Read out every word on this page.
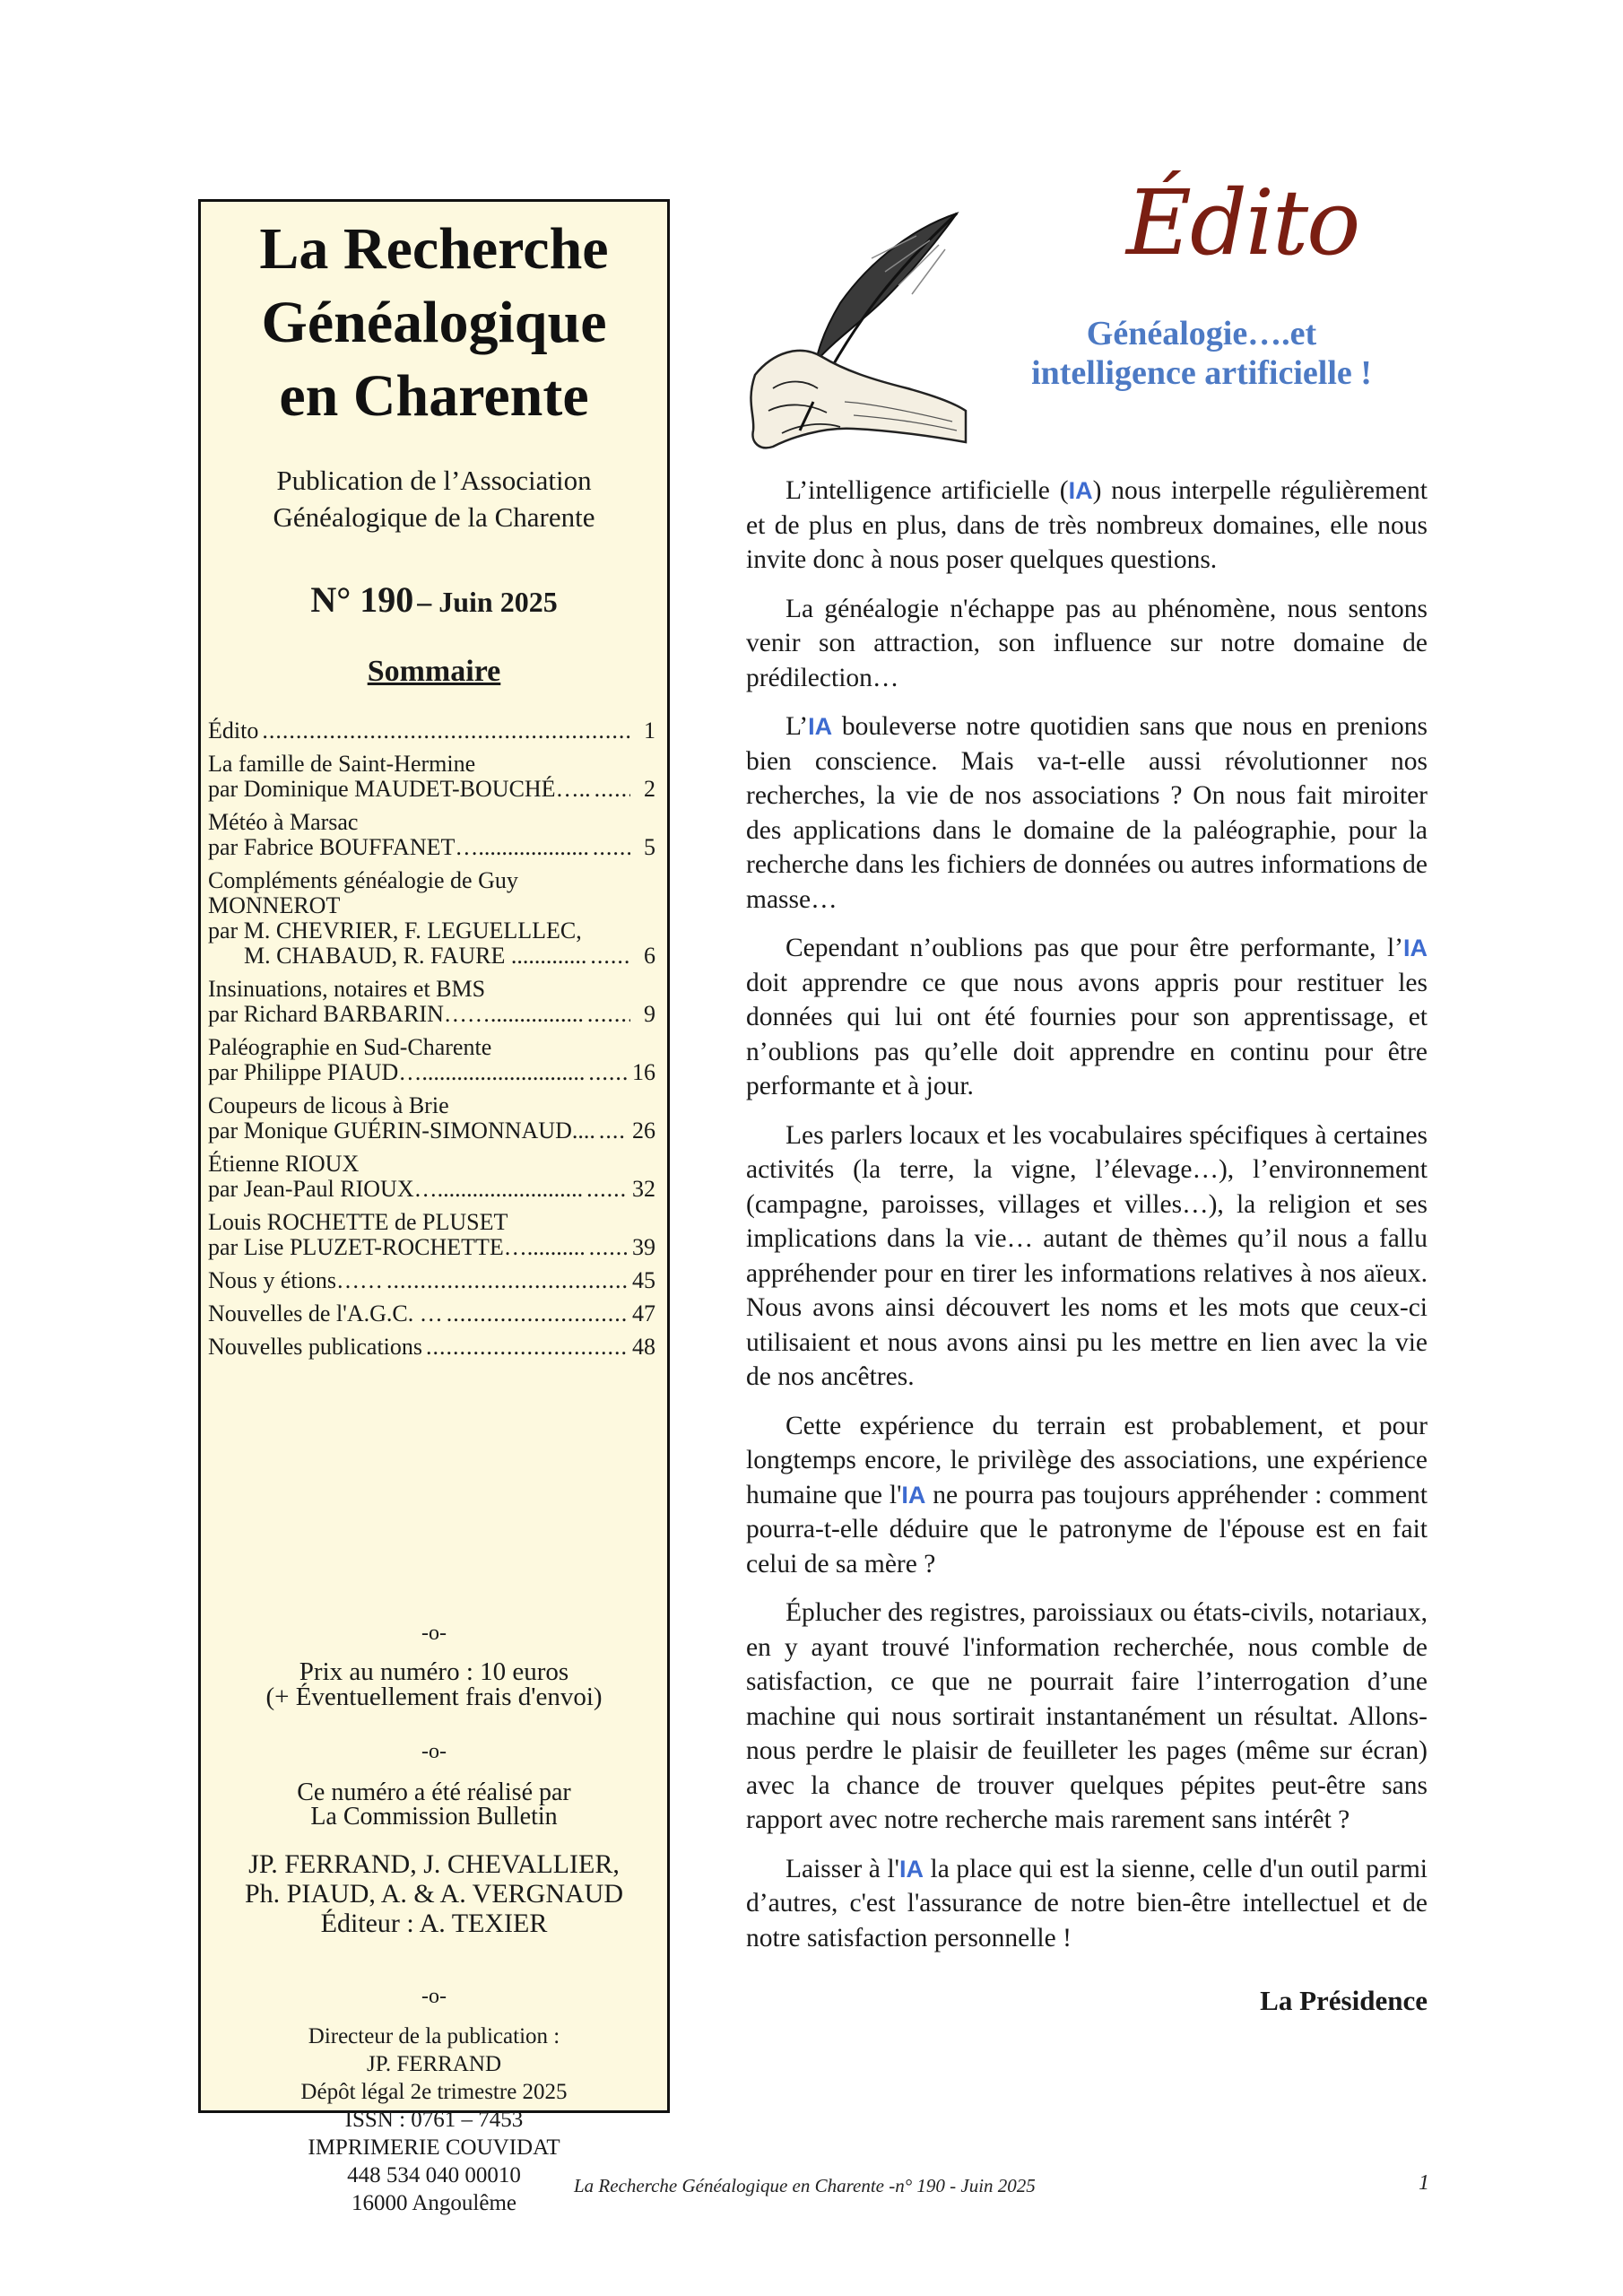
La Recherche
Généalogique
en Charente
Publication de l’Association
Généalogique de la Charente
N° 190 – Juin 2025
Sommaire
Édito .....	1
La famille de Saint-Hermine
par Dominique MAUDET-BOUCHÉ….. .....	2
Météo à Marsac
par Fabrice BOUFFANET…................... .....	5
Compléments généalogie de Guy MONNEROT
par M. CHEVRIER, F. LEGUELLLEC,
M. CHABAUD, R. FAURE ............. .....	6
Insinuations, notaires et BMS
par Richard BARBARIN……................ .....	9
Paléographie en Sud-Charente
par Philippe PIAUD…............................ ..... 16
Coupeurs de licous à Brie
par Monique GUÉRIN-SIMONNAUD.... ..... 26
Étienne RIOUX
par Jean-Paul RIOUX…......................... ..... 32
Louis ROCHETTE de PLUSET
par Lise PLUZET-ROCHETTE….......... ..... 39
Nous y étions…… .....	45
Nouvelles de l'A.G.C. … .....	47
Nouvelles publications .....	48
-o-
Prix au numéro : 10 euros
(+ Éventuellement frais d'envoi)
-o-
Ce numéro a été réalisé par
La Commission Bulletin
JP. FERRAND, J. CHEVALLIER,
Ph. PIAUD, A. & A. VERGNAUD
Éditeur : A. TEXIER
-o-
Directeur de la publication :
JP. FERRAND
Dépôt légal 2e trimestre 2025
ISSN : 0761 – 7453
IMPRIMERIE COUVIDAT
448 534 040 00010
16000 Angoulême
Édito
Généalogie….et
intelligence artificielle !

L’intelligence artificielle (IA) nous interpelle régulièrement et de plus en plus, dans de très nombreux domaines, elle nous invite donc à nous poser quelques questions.

La généalogie n'échappe pas au phénomène, nous sentons venir son attraction, son influence sur notre domaine de prédilection…

L’IA bouleverse notre quotidien sans que nous en prenions bien conscience. Mais va-t-elle aussi révolutionner nos recherches, la vie de nos associations ? On nous fait miroiter des applications dans le domaine de la paléographie, pour la recherche dans les fichiers de données ou autres informations de masse…

Cependant n’oublions pas que pour être performante, l’IA doit apprendre ce que nous avons appris pour restituer les données qui lui ont été fournies pour son apprentissage, et n’oublions pas qu’elle doit apprendre en continu pour être performante et à jour.

Les parlers locaux et les vocabulaires spécifiques à certaines activités (la terre, la vigne, l’élevage…), l’environnement (campagne, paroisses, villages et villes…), la religion et ses implications dans la vie… autant de thèmes qu’il nous a fallu appréhender pour en tirer les informations relatives à nos aïeux. Nous avons ainsi découvert les noms et les mots que ceux-ci utilisaient et nous avons ainsi pu les mettre en lien avec la vie de nos ancêtres.

Cette expérience du terrain est probablement, et pour longtemps encore, le privilège des associations, une expérience humaine que l'IA ne pourra pas toujours appréhender : comment pourra-t-elle déduire que le patronyme de l'épouse est en fait celui de sa mère ?

Éplucher des registres, paroissiaux ou états-civils, notariaux, en y ayant trouvé l'information recherchée, nous comble de satisfaction, ce que ne pourrait faire l’interrogation d’une machine qui nous sortirait instantanément un résultat. Allons-nous perdre le plaisir de feuilleter les pages (même sur écran) avec la chance de trouver quelques pépites peut-être sans rapport avec notre recherche mais rarement sans intérêt ?

Laisser à l'IA la place qui est la sienne, celle d'un outil parmi d’autres, c'est l'assurance de notre bien-être intellectuel et de notre satisfaction personnelle !

La Présidence
La Recherche Généalogique en Charente -n° 190 - Juin 2025	1
